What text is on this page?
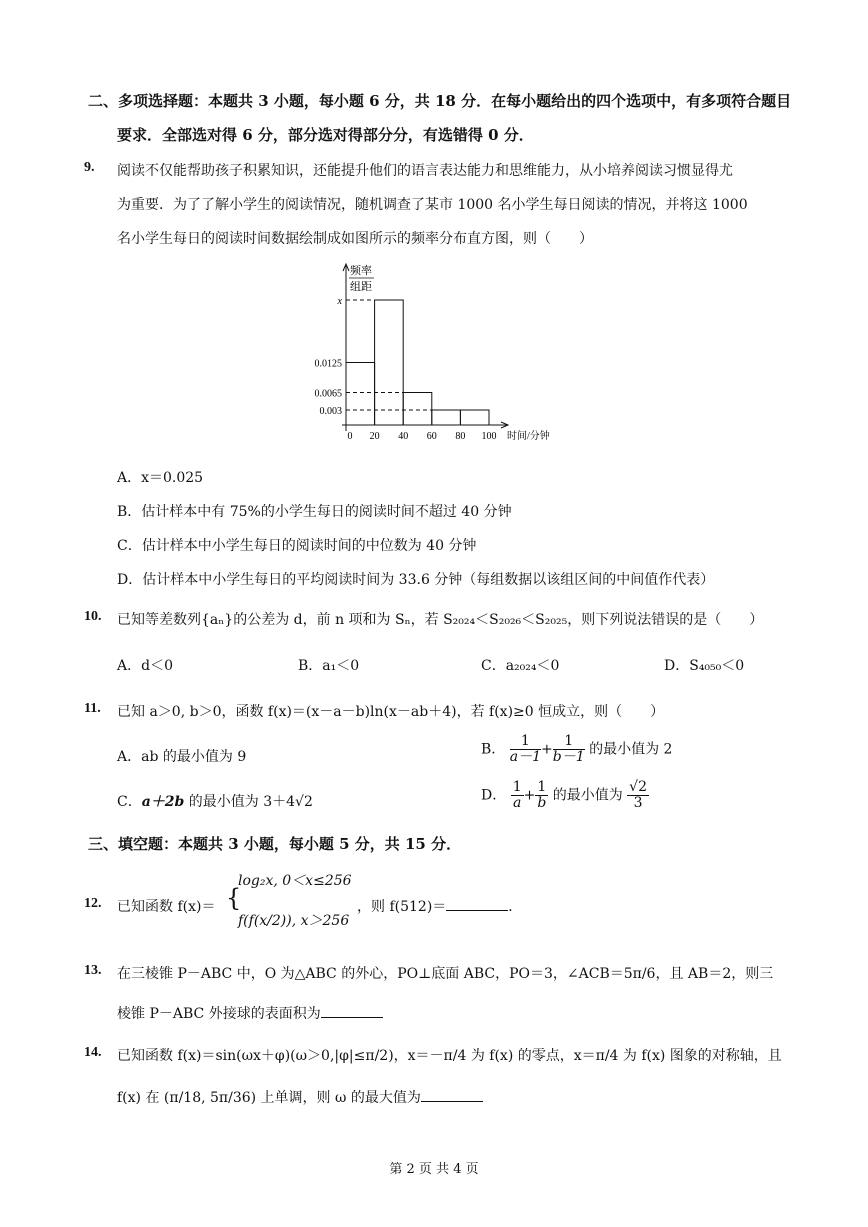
二、多项选择题：本题共 3 小题，每小题 6 分，共 18 分．在每小题给出的四个选项中，有多项符合题目
要求．全部选对得 6 分，部分选对得部分分，有选错得 0 分．
9. 阅读不仅能帮助孩子积累知识，还能提升他们的语言表达能力和思维能力，从小培养阅读习惯显得尤
为重要．为了了解小学生的阅读情况，随机调查了某市 1000 名小学生每日阅读的情况，并将这 1000
名小学生每日的阅读时间数据绘制成如图所示的频率分布直方图，则（　　）
频率
组距
x
0.0125
0.0065
0.003
0 20 40 60 80 100 时间/分钟
A．x＝0.025
B．估计样本中有 75%的小学生每日的阅读时间不超过 40 分钟
C．估计样本中小学生每日的阅读时间的中位数为 40 分钟
D．估计样本中小学生每日的平均阅读时间为 33.6 分钟（每组数据以该组区间的中间值作代表）
10. 已知等差数列{aₙ}的公差为 d，前 n 项和为 Sₙ，若 S₂₀₂₄＜S₂₀₂₆＜S₂₀₂₅，则下列说法错误的是（　　）
A．d＜0	B．a₁＜0	C．a₂₀₂₄＜0	D．S₄₀₅₀＜0
11. 已知 a＞0, b＞0，函数 f(x)＝(x－a－b)ln(x－ab＋4)，若 f(x)≥0 恒成立，则（　　）
A．ab 的最小值为 9	B． $\frac{1}{a-1} + \frac{1}{b-1}$ 的最小值为 2
C．a＋2b 的最小值为 3＋4√2	D． $\frac{1}{a} + \frac{1}{b}$ 的最小值为 $\frac{√2}{3}$
三、填空题：本题共 3 小题，每小题 5 分，共 15 分．
12. 已知函数 f(x)＝ {
log₂x, 0＜x≤256
f(f(x/2)), x＞256
，则 f(512)＝	．
13. 在三棱锥 P－ABC 中，O 为△ABC 的外心，PO⊥底面 ABC，PO＝3，∠ACB＝5π/6，且 AB＝2，则三
棱锥 P－ABC 外接球的表面积为
14. 已知函数 f(x)＝sin(ωx＋φ)(ω＞0,|φ|≤π/2)，x＝－π/4 为 f(x) 的零点，x＝π/4 为 f(x) 图象的对称轴，且
f(x) 在 (π/18, 5π/36) 上单调，则 ω 的最大值为
第 2 页 共 4 页
